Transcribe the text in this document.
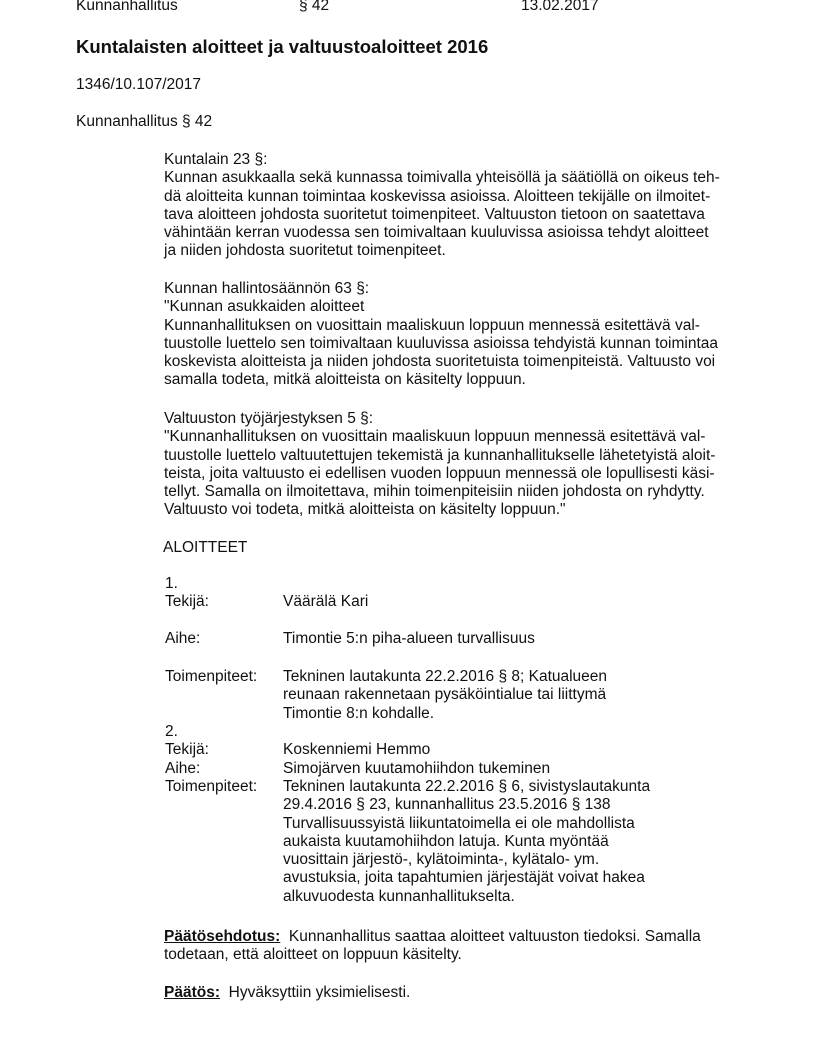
Kunnanhallitus	§ 42	13.02.2017
Kuntalaisten aloitteet ja valtuustoaloitteet 2016
1346/10.107/2017
Kunnanhallitus § 42
Kuntalain 23 §:
Kunnan asukkaalla sekä kunnassa toimivalla yhteisöllä ja säätiöllä on oikeus teh-
dä aloitteita kunnan toimintaa koskevissa asioissa. Aloitteen tekijälle on ilmoitet-
tava aloitteen johdosta suoritetut toimenpiteet. Valtuuston tietoon on saatettava
vähintään kerran vuodessa sen toimivaltaan kuuluvissa asioissa tehdyt aloitteet
ja niiden johdosta suoritetut toimenpiteet.
Kunnan hallintosäännön 63 §:
"Kunnan asukkaiden aloitteet
Kunnanhallituksen on vuosittain maaliskuun loppuun mennessä esitettävä val-
tuustolle luettelo sen toimivaltaan kuuluvissa asioissa tehdyistä kunnan toimintaa
koskevista aloitteista ja niiden johdosta suoritetuista toimenpiteistä. Valtuusto voi
samalla todeta, mitkä aloitteista on käsitelty loppuun.
Valtuuston työjärjestyksen 5 §:
"Kunnanhallituksen on vuosittain maaliskuun loppuun mennessä esitettävä val-
tuustolle luettelo valtuutettujen tekemistä ja kunnanhallitukselle lähetetyistä aloit-
teista, joita valtuusto ei edellisen vuoden loppuun mennessä ole lopullisesti käsi-
tellyt. Samalla on ilmoitettava, mihin toimenpiteisiin niiden johdosta on ryhdytty.
Valtuusto voi todeta, mitkä aloitteista on käsitelty loppuun."
ALOITTEET
1.
Tekijä:	Väärälä Kari
Aihe:	Timontie 5:n piha-alueen turvallisuus
Toimenpiteet: Tekninen lautakunta 22.2.2016 § 8; Katualueen
reunaan rakennetaan pysäköintialue tai liittymä
Timontie 8:n kohdalle.
2.
Tekijä:	Koskenniemi Hemmo
Aihe:	Simojärven kuutamohiihdon tukeminen
Toimenpiteet: Tekninen lautakunta 22.2.2016 § 6, sivistyslautakunta
29.4.2016 § 23, kunnanhallitus 23.5.2016 § 138
Turvallisuussyistä liikuntatoimella ei ole mahdollista
aukaista kuutamohiihdon latuja. Kunta myöntää
vuosittain järjestö-, kylätoiminta-, kylätalo- ym.
avustuksia, joita tapahtumien järjestäjät voivat hakea
alkuvuodesta kunnanhallitukselta.
Päätösehdotus: Kunnanhallitus saattaa aloitteet valtuuston tiedoksi. Samalla
todetaan, että aloitteet on loppuun käsitelty.
Päätös: Hyväksyttiin yksimielisesti.
